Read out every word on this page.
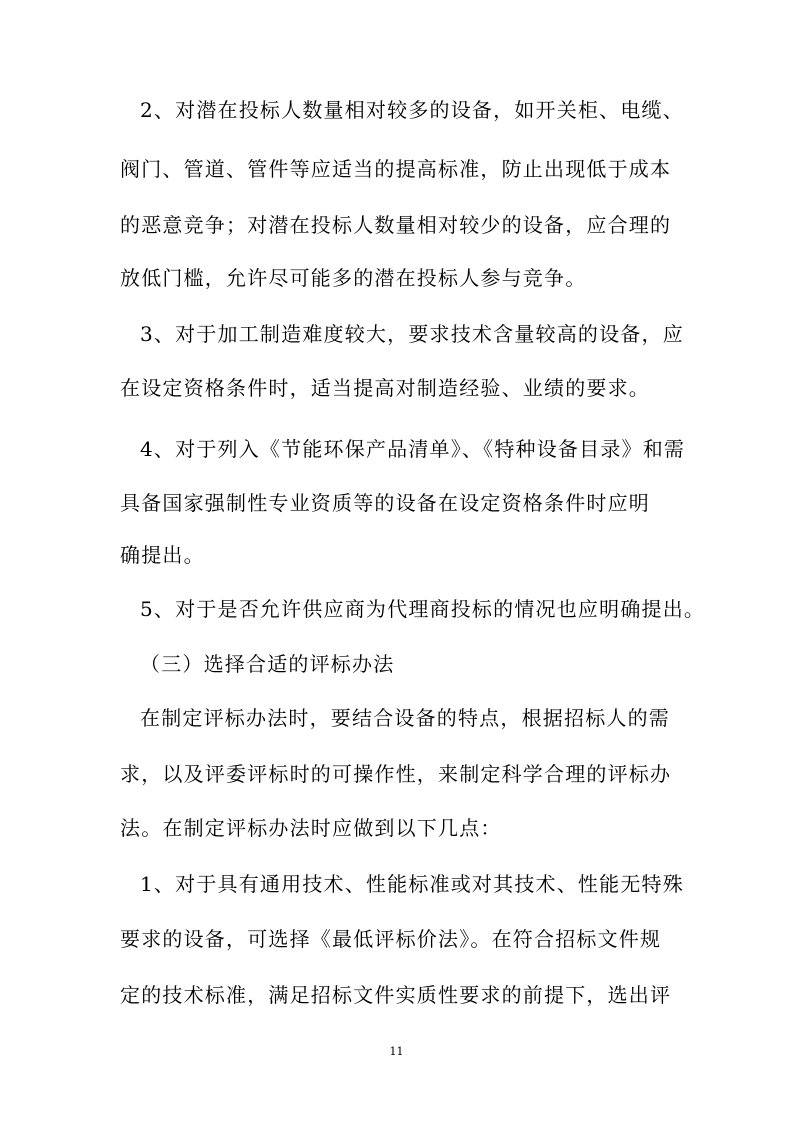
2、对潜在投标人数量相对较多的设备，如开关柜、电缆、
阀门、管道、管件等应适当的提高标准，防止出现低于成本
的恶意竞争；对潜在投标人数量相对较少的设备，应合理的
放低门槛，允许尽可能多的潜在投标人参与竞争。
3、对于加工制造难度较大，要求技术含量较高的设备，应
在设定资格条件时，适当提高对制造经验、业绩的要求。
4、对于列入《节能环保产品清单》、《特种设备目录》和需
具备国家强制性专业资质等的设备在设定资格条件时应明
确提出。
5、对于是否允许供应商为代理商投标的情况也应明确提出。
（三）选择合适的评标办法
在制定评标办法时，要结合设备的特点，根据招标人的需
求，以及评委评标时的可操作性，来制定科学合理的评标办
法。在制定评标办法时应做到以下几点：
1、对于具有通用技术、性能标准或对其技术、性能无特殊
要求的设备，可选择《最低评标价法》。在符合招标文件规
定的技术标准，满足招标文件实质性要求的前提下，选出评
11
